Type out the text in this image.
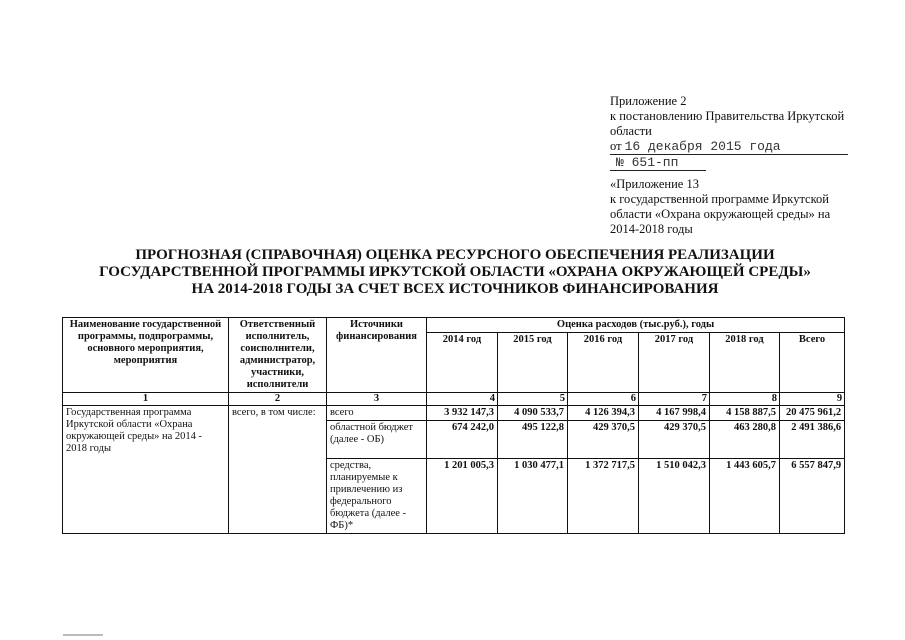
Приложение 2
к постановлению Правительства Иркутской
области
от 16 декабря 2015 года
№ 651-пп
«Приложение 13
к государственной программе Иркутской
области «Охрана окружающей среды» на
2014-2018 годы
ПРОГНОЗНАЯ (СПРАВОЧНАЯ) ОЦЕНКА РЕСУРСНОГО ОБЕСПЕЧЕНИЯ РЕАЛИЗАЦИИ
ГОСУДАРСТВЕННОЙ ПРОГРАММЫ ИРКУТСКОЙ ОБЛАСТИ «ОХРАНА ОКРУЖАЮЩЕЙ СРЕДЫ»
НА 2014-2018 ГОДЫ ЗА СЧЕТ ВСЕХ ИСТОЧНИКОВ ФИНАНСИРОВАНИЯ
Наименование государственной программы, подпрограммы, основного мероприятия, мероприятия	Ответственный исполнитель, соисполнители, администратор, участники, исполнители	Источники финансирования	Оценка расходов (тыс.руб.), годы					
			2014 год	2015 год	2016 год	2017 год	2018 год	Всего
1	2	3	4	5	6	7	8	9
Государственная программа Иркутской области «Охрана окружающей среды» на 2014 - 2018 годы	всего, в том числе:	всего	3 932 147,3	4 090 533,7	4 126 394,3	4 167 998,4	4 158 887,5	20 475 961,2
		областной бюджет (далее - ОБ)	674 242,0	495 122,8	429 370,5	429 370,5	463 280,8	2 491 386,6
		средства, планируемые к привлечению из федерального бюджета (далее - ФБ)*	1 201 005,3	1 030 477,1	1 372 717,5	1 510 042,3	1 443 605,7	6 557 847,9
